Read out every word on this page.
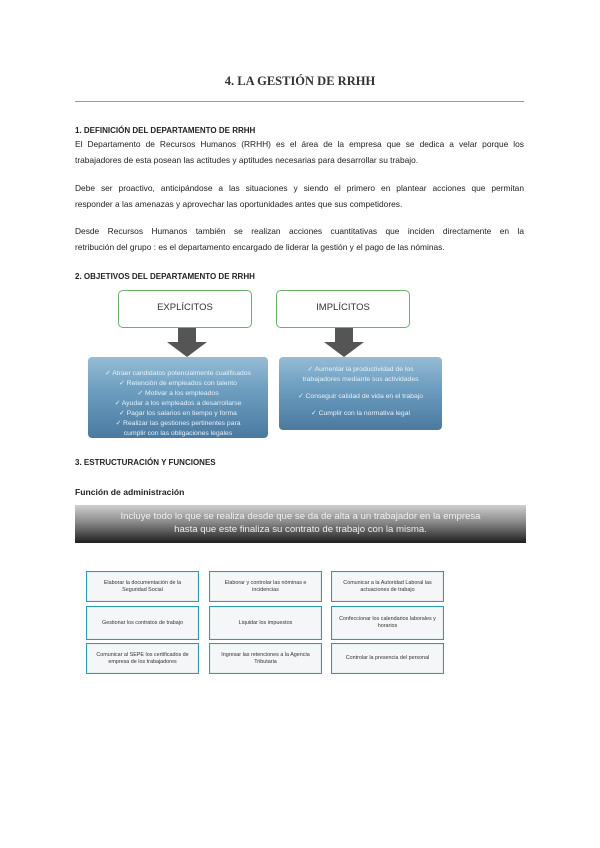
4. LA GESTIÓN DE RRHH
1. DEFINICIÓN DEL DEPARTAMENTO DE RRHH
El Departamento de Recursos Humanos (RRHH) es el área de la empresa que se dedica a velar porque los
trabajadores de esta posean las actitudes y aptitudes necesarias para desarrollar su trabajo.
Debe ser proactivo, anticipándose a las situaciones y siendo el primero en plantear acciones que permitan
responder a las amenazas y aprovechar las oportunidades antes que sus competidores.
Desde Recursos Humanos también se realizan acciones cuantitativas que inciden directamente en la
retribución del grupo : es el departamento encargado de liderar la gestión y el pago de las nóminas.
2. OBJETIVOS DEL DEPARTAMENTO DE RRHH
EXPLÍCITOS	IMPLÍCITOS
✓ Atraer candidatos potencialmente cualificados
✓ Retención de empleados con talento
✓ Motivar a los empleados
✓ Ayudar a los empleados a desarrollarse
✓ Pagar los salarios en tiempo y forma
✓ Realizar las gestiones pertinentes para
cumplir con las obligaciones legales
✓ Aumentar la productividad de los
trabajadores mediante sus actividades
✓ Conseguir calidad de vida en el trabajo
✓ Cumplir con la normativa legal
3. ESTRUCTURACIÓN Y FUNCIONES
Función de administración
Incluye todo lo que se realiza desde que se da de alta a un trabajador en la empresa
hasta que este finaliza su contrato de trabajo con la misma.
Elaborar la documentación de la Seguridad Social
Elaborar y controlar las nóminas e incidencias
Comunicar a la Autoridad Laboral las actuaciones de trabajo
Gestionar los contratos de trabajo	Liquidar los impuestos
Confeccionar los calendarios laborales y horarios
Comunicar al SEPE los certificados de empresa de los trabajadores
Ingresar las retenciones a la Agencia Tributaria
Controlar la presencia del personal
